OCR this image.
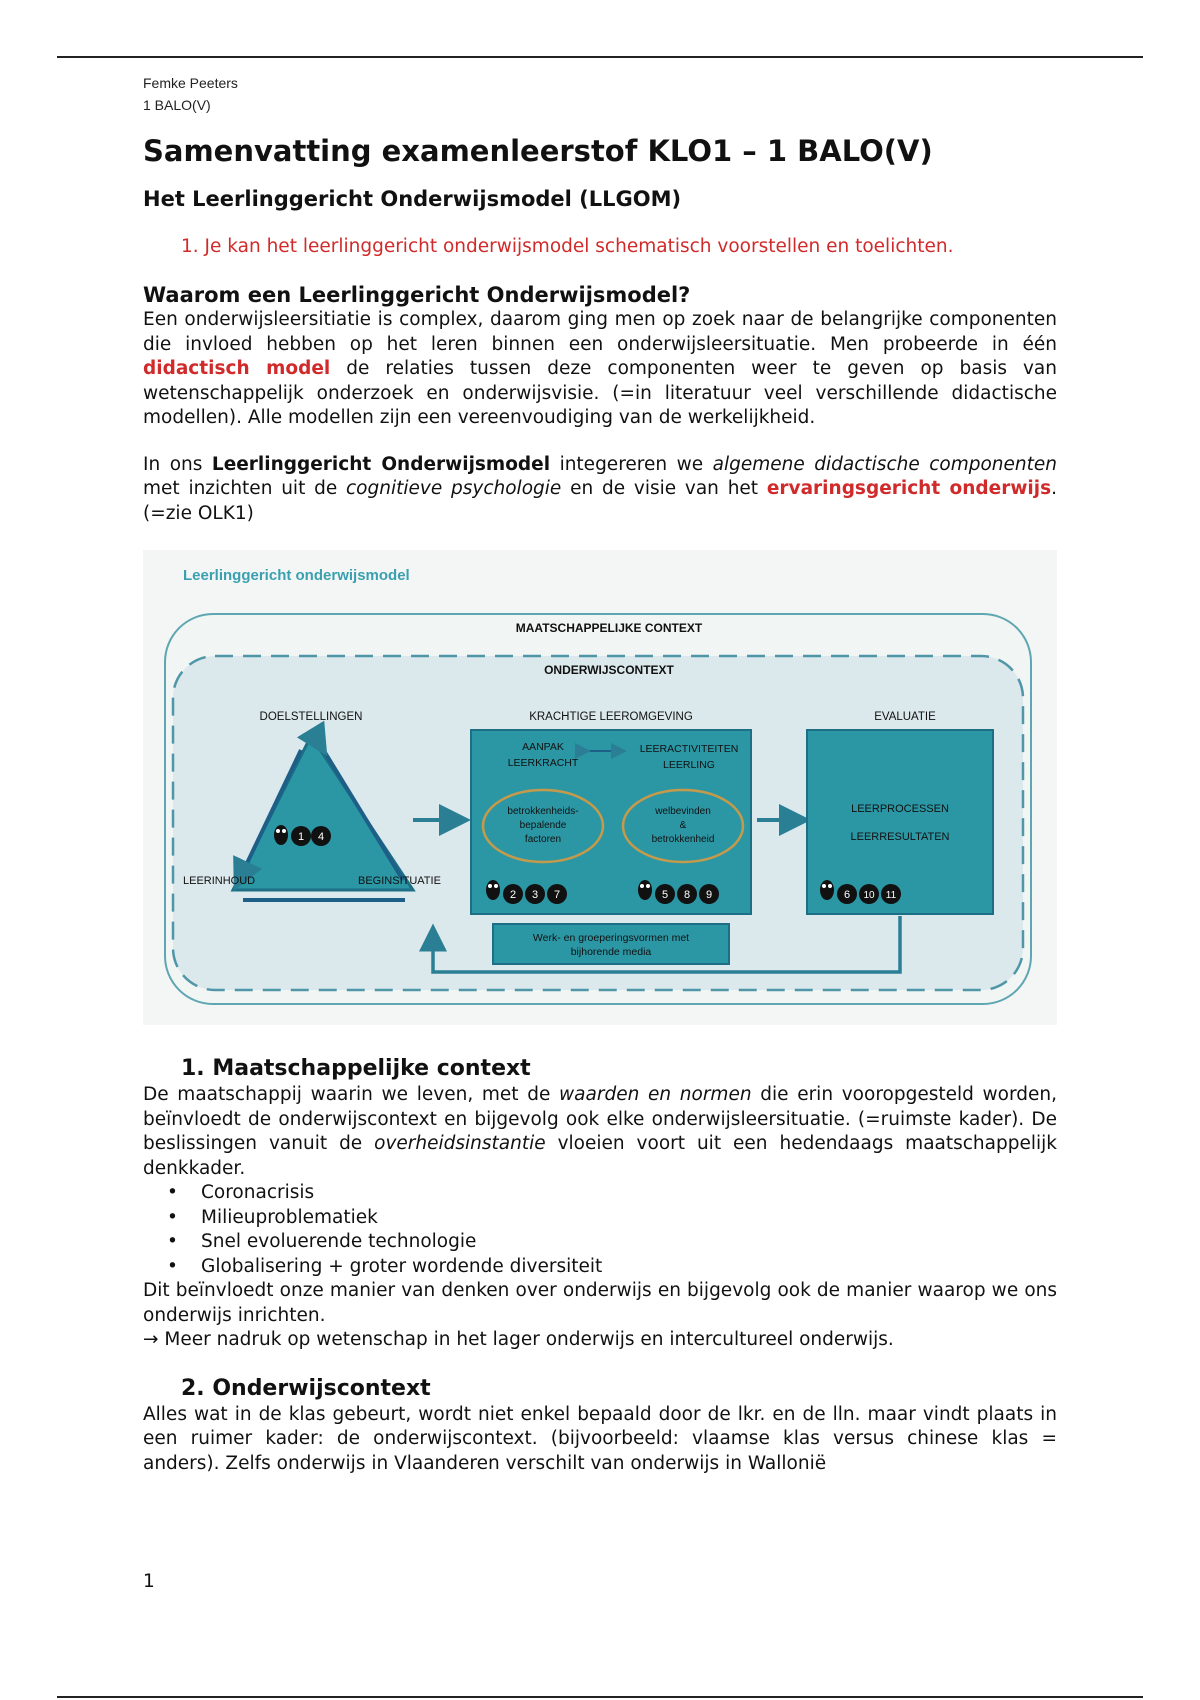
Femke Peeters
1 BALO(V)
Samenvatting examenleerstof KLO1 – 1 BALO(V)
Het Leerlinggericht Onderwijsmodel (LLGOM)
1. Je kan het leerlinggericht onderwijsmodel schematisch voorstellen en toelichten.
Waarom een Leerlinggericht Onderwijsmodel?

Een onderwijsleersitiatie is complex, daarom ging men op zoek naar de belangrijke componenten die invloed hebben op het leren binnen een onderwijsleersituatie. Men probeerde in één didactisch model de relaties tussen deze componenten weer te geven op basis van wetenschappelijk onderzoek en onderwijsvisie. (=in literatuur veel verschillende didactische modellen). Alle modellen zijn een vereenvoudiging van de werkelijkheid.

In ons Leerlinggericht Onderwijsmodel integereren we algemene didactische componenten met inzichten uit de cognitieve psychologie en de visie van het ervaringsgericht onderwijs. (=zie OLK1)

Leerlinggericht onderwijsmodel
MAATSCHAPPELIJKE CONTEXT
ONDERWIJSCONTEXT
DOELSTELLINGEN
LEERINHOUD	BEGINSITUATIE
1 4
KRACHTIGE LEEROMGEVING
AANPAK
LEERKRACHT
LEERACTIVITEITEN
LEERLING
betrokkenheids-
bepalende
factoren
welbevinden
&
betrokkenheid
2 3 7	5 8 9
Werk- en groeperingsvormen met
bijhorende media
EVALUATIE
LEERPROCESSEN
LEERRESULTATEN
6 10 11
1. Maatschappelijke context

De maatschappij waarin we leven, met de waarden en normen die erin vooropgesteld worden, beïnvloedt de onderwijscontext en bijgevolg ook elke onderwijsleersituatie. (=ruimste kader). De beslissingen vanuit de overheidsinstantie vloeien voort uit een hedendaags maatschappelijk denkkader.

• Coronacrisis
• Milieuproblematiek
• Snel evoluerende technologie
• Globalisering + groter wordende diversiteit

Dit beïnvloedt onze manier van denken over onderwijs en bijgevolg ook de manier waarop we ons onderwijs inrichten.

→ Meer nadruk op wetenschap in het lager onderwijs en intercultureel onderwijs.

2. Onderwijscontext

Alles wat in de klas gebeurt, wordt niet enkel bepaald door de lkr. en de lln. maar vindt plaats in een ruimer kader: de onderwijscontext. (bijvoorbeeld: vlaamse klas versus chinese klas = anders). Zelfs onderwijs in Vlaanderen verschilt van onderwijs in Wallonië

1
